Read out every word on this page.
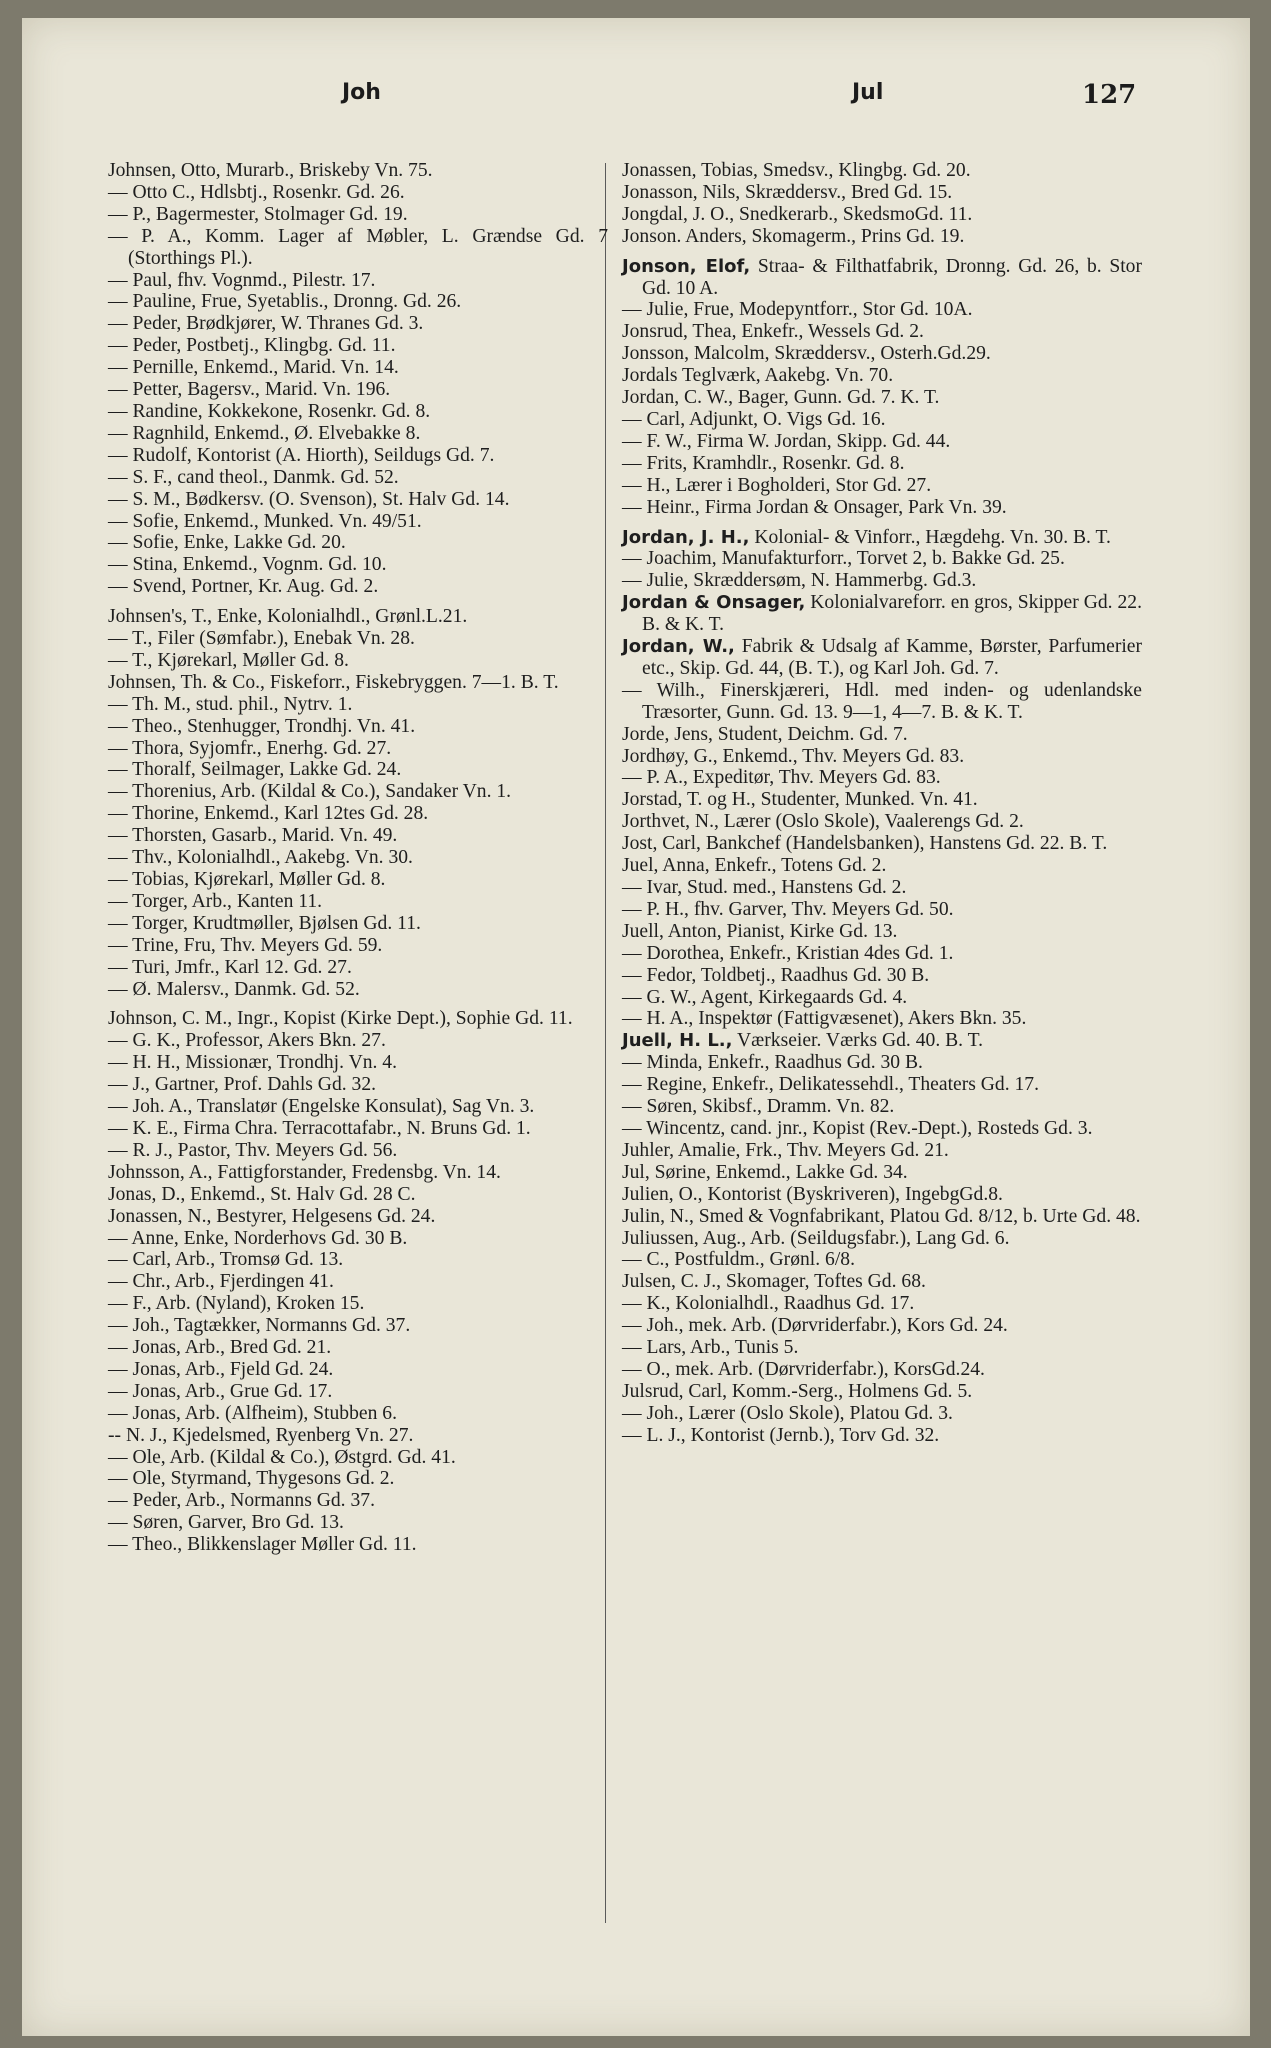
Joh	Jul	127
Johnsen, Otto, Murarb., Briskeby Vn. 75.
— Otto C., Hdlsbtj., Rosenkr. Gd. 26.
— P., Bagermester, Stolmager Gd. 19.
— P. A., Komm. Lager af Møbler, L. Grændse Gd. 7 (Storthings Pl.).
— Paul, fhv. Vognmd., Pilestr. 17.
— Pauline, Frue, Syetablis., Dronng. Gd. 26.
— Peder, Brødkjører, W. Thranes Gd. 3.
— Peder, Postbetj., Klingbg. Gd. 11.
— Pernille, Enkemd., Marid. Vn. 14.
— Petter, Bagersv., Marid. Vn. 196.
— Randine, Kokkekone, Rosenkr. Gd. 8.
— Ragnhild, Enkemd., Ø. Elvebakke 8.
— Rudolf, Kontorist (A. Hiorth), Seildugs Gd. 7.
— S. F., cand theol., Danmk. Gd. 52.
— S. M., Bødkersv. (O. Svenson), St. Halv Gd. 14.
— Sofie, Enkemd., Munked. Vn. 49/51.
— Sofie, Enke, Lakke Gd. 20.
— Stina, Enkemd., Vognm. Gd. 10.
— Svend, Portner, Kr. Aug. Gd. 2.
Johnsen's, T., Enke, Kolonialhdl., Grønl.L.21.
— T., Filer (Sømfabr.), Enebak Vn. 28.
— T., Kjørekarl, Møller Gd. 8.
Johnsen, Th. & Co., Fiskeforr., Fiskebryggen. 7—1. B. T.
— Th. M., stud. phil., Nytrv. 1.
— Theo., Stenhugger, Trondhj. Vn. 41.
— Thora, Syjomfr., Enerhg. Gd. 27.
— Thoralf, Seilmager, Lakke Gd. 24.
— Thorenius, Arb. (Kildal & Co.), Sandaker Vn. 1.
— Thorine, Enkemd., Karl 12tes Gd. 28.
— Thorsten, Gasarb., Marid. Vn. 49.
— Thv., Kolonialhdl., Aakebg. Vn. 30.
— Tobias, Kjørekarl, Møller Gd. 8.
— Torger, Arb., Kanten 11.
— Torger, Krudtmøller, Bjølsen Gd. 11.
— Trine, Fru, Thv. Meyers Gd. 59.
— Turi, Jmfr., Karl 12. Gd. 27.
— Ø. Malersv., Danmk. Gd. 52.
Johnson, C. M., Ingr., Kopist (Kirke Dept.), Sophie Gd. 11.
— G. K., Professor, Akers Bkn. 27.
— H. H., Missionær, Trondhj. Vn. 4.
— J., Gartner, Prof. Dahls Gd. 32.
— Joh. A., Translatør (Engelske Konsulat), Sag Vn. 3.
— K. E., Firma Chra. Terracottafabr., N. Bruns Gd. 1.
— R. J., Pastor, Thv. Meyers Gd. 56.
Johnsson, A., Fattigforstander, Fredensbg. Vn. 14.
Jonas, D., Enkemd., St. Halv Gd. 28 C.
Jonassen, N., Bestyrer, Helgesens Gd. 24.
— Anne, Enke, Norderhovs Gd. 30 B.
— Carl, Arb., Tromsø Gd. 13.
— Chr., Arb., Fjerdingen 41.
— F., Arb. (Nyland), Kroken 15.
— Joh., Tagtækker, Normanns Gd. 37.
— Jonas, Arb., Bred Gd. 21.
— Jonas, Arb., Fjeld Gd. 24.
— Jonas, Arb., Grue Gd. 17.
— Jonas, Arb. (Alfheim), Stubben 6.
-- N. J., Kjedelsmed, Ryenberg Vn. 27.
— Ole, Arb. (Kildal & Co.), Østgrd. Gd. 41.
— Ole, Styrmand, Thygesons Gd. 2.
— Peder, Arb., Normanns Gd. 37.
— Søren, Garver, Bro Gd. 13.
— Theo., Blikkenslager Møller Gd. 11.
Jonassen, Tobias, Smedsv., Klingbg. Gd. 20.
Jonasson, Nils, Skræddersv., Bred Gd. 15.
Jongdal, J. O., Snedkerarb., SkedsmoGd. 11.
Jonson. Anders, Skomagerm., Prins Gd. 19.
Jonson, Elof, Straa- & Filthatfabrik, Dronng. Gd. 26, b. Stor Gd. 10 A.
— Julie, Frue, Modepyntforr., Stor Gd. 10A.
Jonsrud, Thea, Enkefr., Wessels Gd. 2.
Jonsson, Malcolm, Skræddersv., Osterh.Gd.29.
Jordals Teglværk, Aakebg. Vn. 70.
Jordan, C. W., Bager, Gunn. Gd. 7. K. T.
— Carl, Adjunkt, O. Vigs Gd. 16.
— F. W., Firma W. Jordan, Skipp. Gd. 44.
— Frits, Kramhdlr., Rosenkr. Gd. 8.
— H., Lærer i Bogholderi, Stor Gd. 27.
— Heinr., Firma Jordan & Onsager, Park Vn. 39.
Jordan, J. H., Kolonial- & Vinforr., Hægdehg. Vn. 30. B. T.
— Joachim, Manufakturforr., Torvet 2, b. Bakke Gd. 25.
— Julie, Skræddersøm, N. Hammerbg. Gd.3.
Jordan & Onsager, Kolonialvareforr. en gros, Skipper Gd. 22. B. & K. T.
Jordan, W., Fabrik & Udsalg af Kamme, Børster, Parfumerier etc., Skip. Gd. 44, (B. T.), og Karl Joh. Gd. 7.
— Wilh., Finerskjæreri, Hdl. med inden- og udenlandske Træsorter, Gunn. Gd. 13. 9—1, 4—7. B. & K. T.
Jorde, Jens, Student, Deichm. Gd. 7.
Jordhøy, G., Enkemd., Thv. Meyers Gd. 83.
— P. A., Expeditør, Thv. Meyers Gd. 83.
Jorstad, T. og H., Studenter, Munked. Vn. 41.
Jorthvet, N., Lærer (Oslo Skole), Vaalerengs Gd. 2.
Jost, Carl, Bankchef (Handelsbanken), Hanstens Gd. 22. B. T.
Juel, Anna, Enkefr., Totens Gd. 2.
— Ivar, Stud. med., Hanstens Gd. 2.
— P. H., fhv. Garver, Thv. Meyers Gd. 50.
Juell, Anton, Pianist, Kirke Gd. 13.
— Dorothea, Enkefr., Kristian 4des Gd. 1.
— Fedor, Toldbetj., Raadhus Gd. 30 B.
— G. W., Agent, Kirkegaards Gd. 4.
— H. A., Inspektør (Fattigvæsenet), Akers Bkn. 35.
Juell, H. L., Værkseier. Værks Gd. 40. B. T.
— Minda, Enkefr., Raadhus Gd. 30 B.
— Regine, Enkefr., Delikatessehdl., Theaters Gd. 17.
— Søren, Skibsf., Dramm. Vn. 82.
— Wincentz, cand. jnr., Kopist (Rev.-Dept.), Rosteds Gd. 3.
Juhler, Amalie, Frk., Thv. Meyers Gd. 21.
Jul, Sørine, Enkemd., Lakke Gd. 34.
Julien, O., Kontorist (Byskriveren), IngebgGd.8.
Julin, N., Smed & Vognfabrikant, Platou Gd. 8/12, b. Urte Gd. 48.
Juliussen, Aug., Arb. (Seildugsfabr.), Lang Gd. 6.
— C., Postfuldm., Grønl. 6/8.
Julsen, C. J., Skomager, Toftes Gd. 68.
— K., Kolonialhdl., Raadhus Gd. 17.
— Joh., mek. Arb. (Dørvriderfabr.), Kors Gd. 24.
— Lars, Arb., Tunis 5.
— O., mek. Arb. (Dørvriderfabr.), KorsGd.24.
Julsrud, Carl, Komm.-Serg., Holmens Gd. 5.
— Joh., Lærer (Oslo Skole), Platou Gd. 3.
— L. J., Kontorist (Jernb.), Torv Gd. 32.
